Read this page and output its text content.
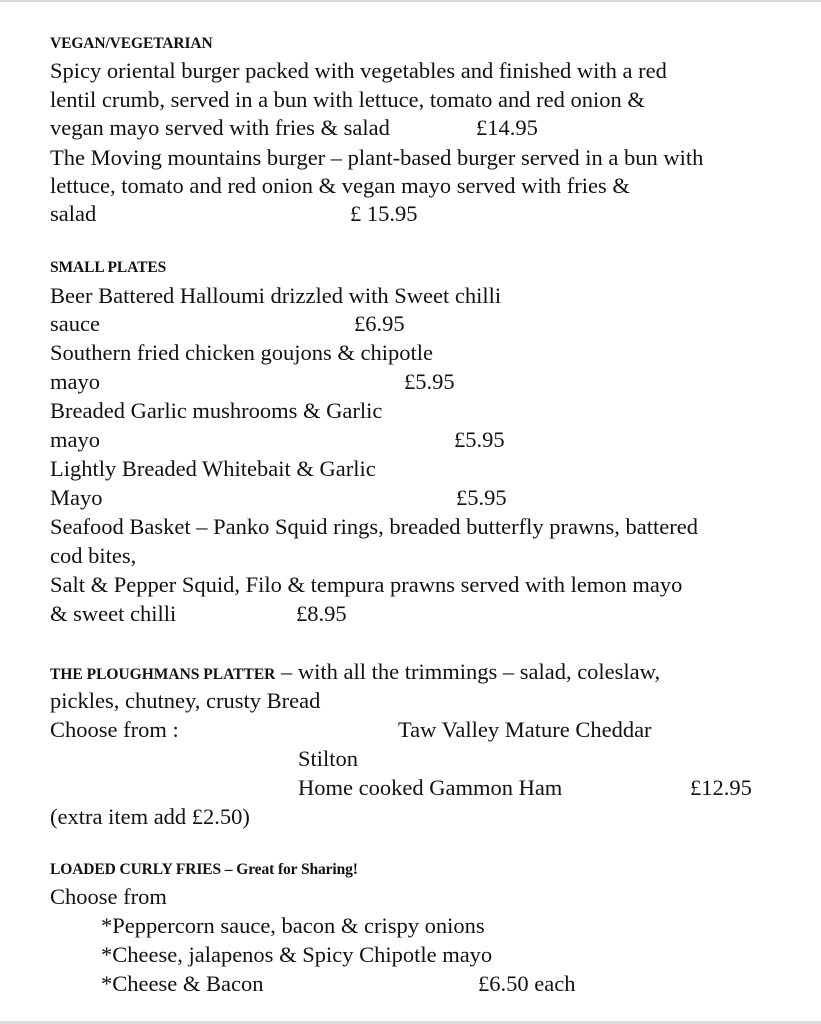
VEGAN/VEGETARIAN
Spicy oriental burger packed with vegetables and finished with a red
lentil crumb, served in a bun with lettuce, tomato and red onion &
vegan mayo served with fries & salad	£14.95
The Moving mountains burger – plant-based burger served in a bun with
lettuce, tomato and red onion & vegan mayo served with fries &
salad	£ 15.95
SMALL PLATES
Beer Battered Halloumi drizzled with Sweet chilli
sauce	£6.95
Southern fried chicken goujons & chipotle
mayo	£5.95
Breaded Garlic mushrooms & Garlic
mayo	£5.95
Lightly Breaded Whitebait & Garlic
Mayo	£5.95
Seafood Basket – Panko Squid rings, breaded butterfly prawns, battered
cod bites,
Salt & Pepper Squid, Filo & tempura prawns served with lemon mayo
& sweet chilli	£8.95
THE PLOUGHMANS PLATTER – with all the trimmings – salad, coleslaw,
pickles, chutney, crusty Bread
Choose from :	Taw Valley Mature Cheddar
Stilton
Home cooked Gammon Ham	£12.95
(extra item add £2.50)
LOADED CURLY FRIES – Great for Sharing!
Choose from
*Peppercorn sauce, bacon & crispy onions
*Cheese, jalapenos & Spicy Chipotle mayo
*Cheese & Bacon	£6.50 each
